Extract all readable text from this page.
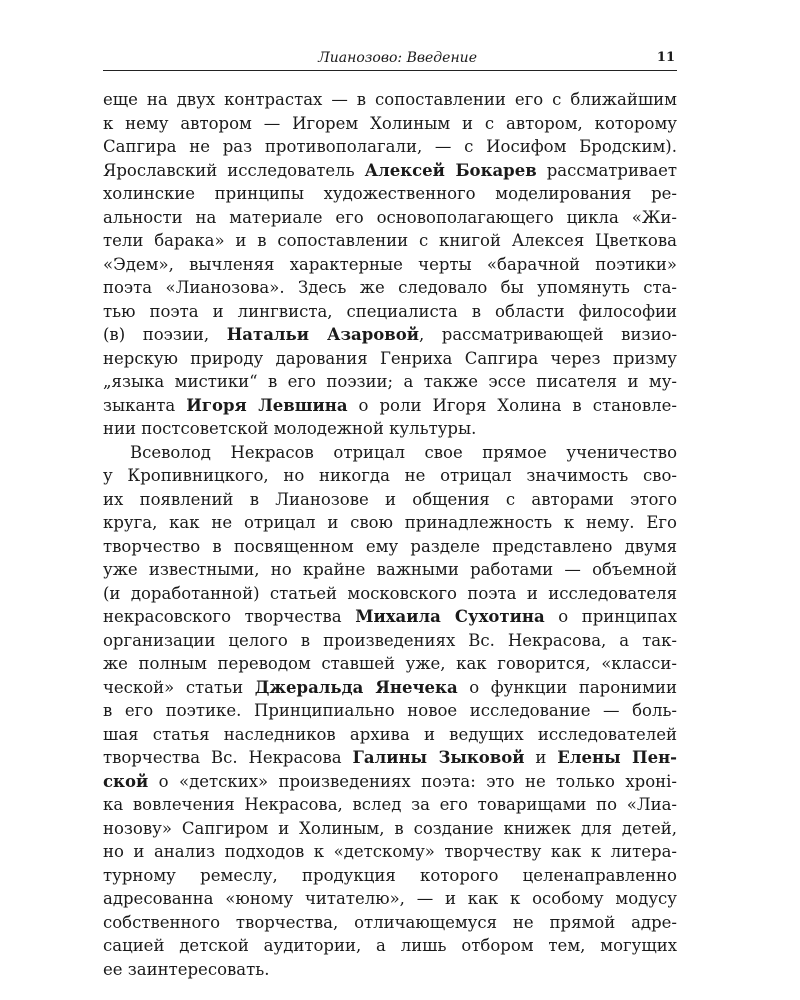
Лианозово: Введение	11
еще на двух контрастах — в сопоставлении его с ближайшим
к нему автором — Игорем Холиным и с автором, которому
Сапгира не раз противополагали, — с Иосифом Бродским).
Ярославский исследователь Алексей Бокарев рассматривает
холинские принципы художественного моделирования ре-
альности на материале его основополагающего цикла «Жи-
тели барака» и в сопоставлении с книгой Алексея Цветкова
«Эдем», вычленяя характерные черты «барачной поэтики»
поэта «Лианозова». Здесь же следовало бы упомянуть ста-
тью поэта и лингвиста, специалиста в области философии
(в) поэзии, Натальи Азаровой, рассматривающей визио-
нерскую природу дарования Генриха Сапгира через призму
„языка мистики“ в его поэзии; а также эссе писателя и му-
зыканта Игоря Левшина о роли Игоря Холина в становле-
нии постсоветской молодежной культуры.
Всеволод Некрасов отрицал свое прямое ученичество
у Кропивницкого, но никогда не отрицал значимость сво-
их появлений в Лианозове и общения с авторами этого
круга, как не отрицал и свою принадлежность к нему. Его
творчество в посвященном ему разделе представлено двумя
уже известными, но крайне важными работами — объемной
(и доработанной) статьей московского поэта и исследователя
некрасовского творчества Михаила Сухотина о принципах
организации целого в произведениях Вс. Некрасова, а так-
же полным переводом ставшей уже, как говорится, «класси-
ческой» статьи Джеральда Янечека о функции паронимии
в его поэтике. Принципиально новое исследование — боль-
шая статья наследников архива и ведущих исследователей
творчества Вс. Некрасова Галины Зыковой и Елены Пен-
ской о «детских» произведениях поэта: это не только хроні-
ка вовлечения Некрасова, вслед за его товарищами по «Лиа-
нозову» Сапгиром и Холиным, в создание книжек для детей,
но и анализ подходов к «детскому» творчеству как к литера-
турному ремеслу, продукция которого целенаправленно
адресованна «юному читателю», — и как к особому модусу
собственного творчества, отличающемуся не прямой адре-
сацией детской аудитории, а лишь отбором тем, могущих
ее заинтересовать.
